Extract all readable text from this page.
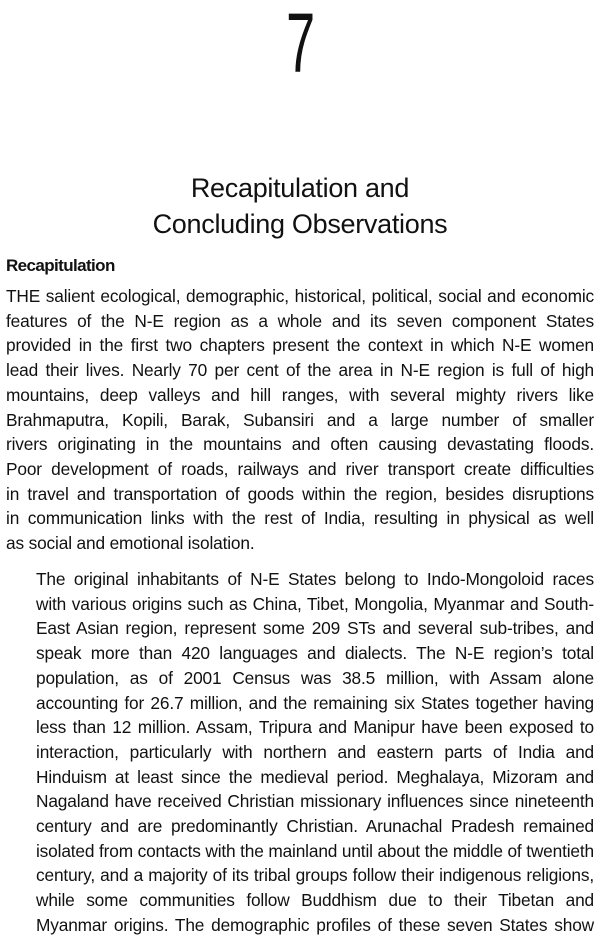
7
Recapitulation and
Concluding Observations
Recapitulation
THE salient ecological, demographic, historical, political, social and economic
features of the N-E region as a whole and its seven component States
provided in the first two chapters present the context in which N-E women
lead their lives. Nearly 70 per cent of the area in N-E region is full of high
mountains, deep valleys and hill ranges, with several mighty rivers like
Brahmaputra, Kopili, Barak, Subansiri and a large number of smaller
rivers originating in the mountains and often causing devastating floods.
Poor development of roads, railways and river transport create difficulties
in travel and transportation of goods within the region, besides disruptions
in communication links with the rest of India, resulting in physical as well
as social and emotional isolation.
The original inhabitants of N-E States belong to Indo-Mongoloid races
with various origins such as China, Tibet, Mongolia, Myanmar and South-
East Asian region, represent some 209 STs and several sub-tribes, and
speak more than 420 languages and dialects. The N-E region’s total
population, as of 2001 Census was 38.5 million, with Assam alone
accounting for 26.7 million, and the remaining six States together having
less than 12 million. Assam, Tripura and Manipur have been exposed to
interaction, particularly with northern and eastern parts of India and
Hinduism at least since the medieval period. Meghalaya, Mizoram and
Nagaland have received Christian missionary influences since nineteenth
century and are predominantly Christian. Arunachal Pradesh remained
isolated from contacts with the mainland until about the middle of twentieth
century, and a majority of its tribal groups follow their indigenous religions,
while some communities follow Buddhism due to their Tibetan and
Myanmar origins. The demographic profiles of these seven States show
